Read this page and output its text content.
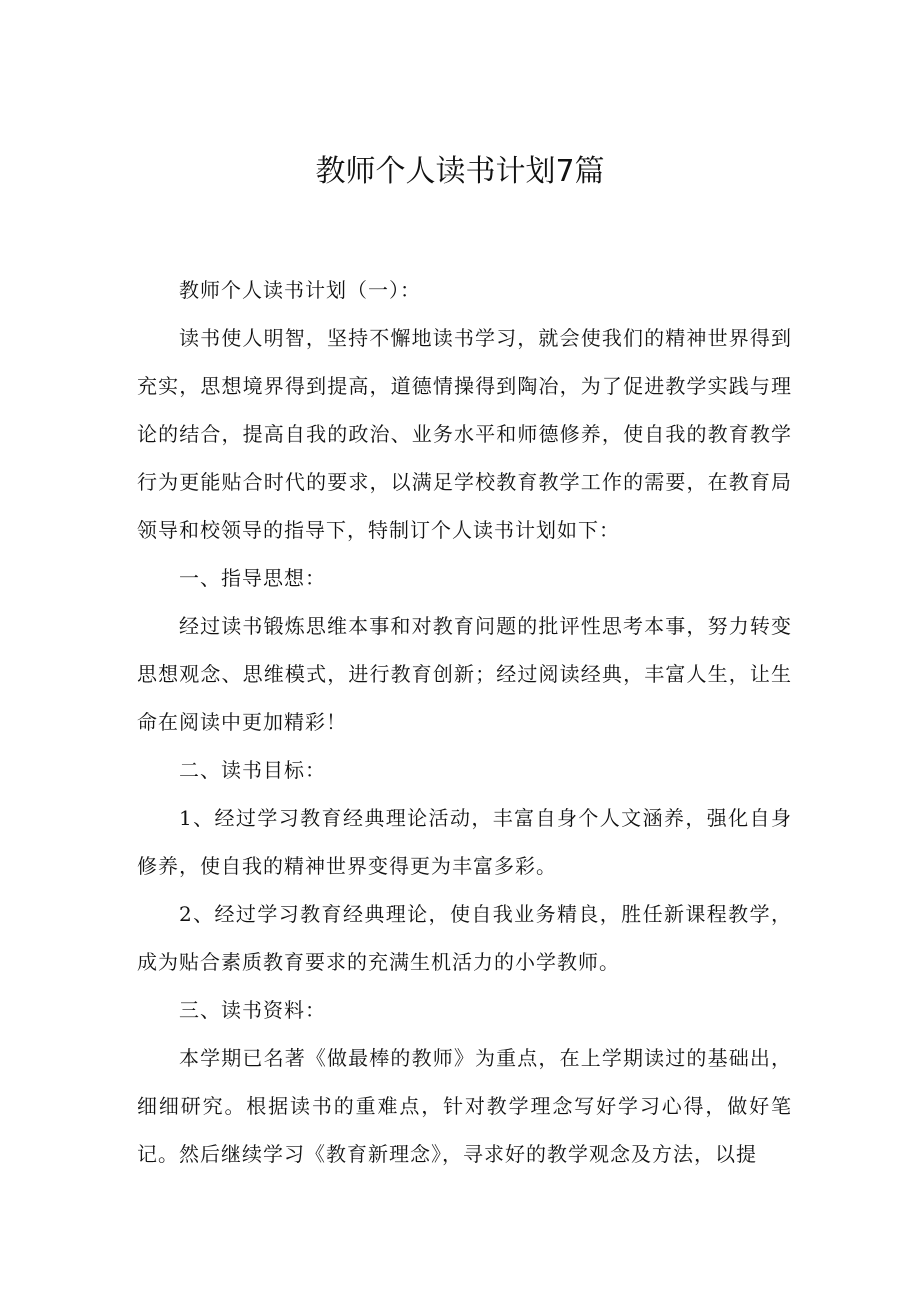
教师个人读书计划7篇

教师个人读书计划（一）：

读书使人明智，坚持不懈地读书学习，就会使我们的精神世界得到充实，思想境界得到提高，道德情操得到陶冶，为了促进教学实践与理论的结合，提高自我的政治、业务水平和师德修养，使自我的教育教学行为更能贴合时代的要求，以满足学校教育教学工作的需要，在教育局领导和校领导的指导下，特制订个人读书计划如下：

一、指导思想：

经过读书锻炼思维本事和对教育问题的批评性思考本事，努力转变思想观念、思维模式，进行教育创新；经过阅读经典，丰富人生，让生命在阅读中更加精彩！

二、读书目标：

1、经过学习教育经典理论活动，丰富自身个人文涵养，强化自身修养，使自我的精神世界变得更为丰富多彩。

2、经过学习教育经典理论，使自我业务精良，胜任新课程教学，成为贴合素质教育要求的充满生机活力的小学教师。

三、读书资料：

本学期已名著《做最棒的教师》为重点，在上学期读过的基础出，细细研究。根据读书的重难点，针对教学理念写好学习心得，做好笔记。然后继续学习《教育新理念》，寻求好的教学观念及方法，以提
